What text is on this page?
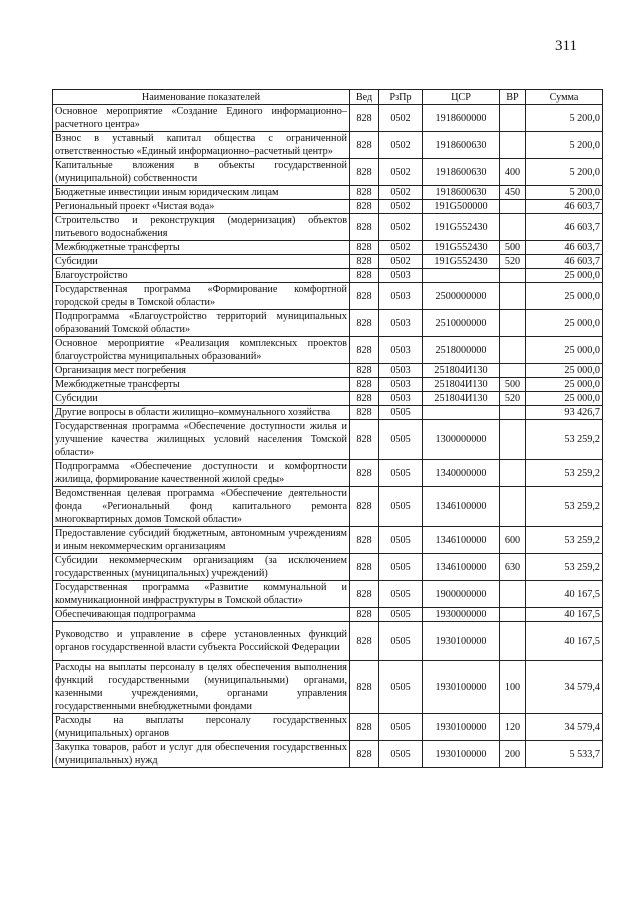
311
Наименование показателей	Вед	РзПр	ЦСР	ВР	Сумма
Основное мероприятие «Создание Единого информационно–расчетного центра»	828	0502	1918600000		5 200,0
Взнос в уставный капитал общества с ограниченной ответственностью «Единый информационно–расчетный центр»	828	0502	1918600630		5 200,0
Капитальные вложения в объекты государственной (муниципальной) собственности	828	0502	1918600630	400	5 200,0
Бюджетные инвестиции иным юридическим лицам	828	0502	1918600630	450	5 200,0
Региональный проект «Чистая вода»	828	0502	191G500000		46 603,7
Строительство и реконструкция (модернизация) объектов питьевого водоснабжения	828	0502	191G552430		46 603,7
Межбюджетные трансферты	828	0502	191G552430	500	46 603,7
Субсидии	828	0502	191G552430	520	46 603,7
Благоустройство	828	0503			25 000,0
Государственная программа «Формирование комфортной городской среды в Томской области»	828	0503	2500000000		25 000,0
Подпрограмма «Благоустройство территорий муниципальных образований Томской области»	828	0503	2510000000		25 000,0
Основное мероприятие «Реализация комплексных проектов благоустройства муниципальных образований»	828	0503	2518000000		25 000,0
Организация мест погребения	828	0503	251804И130		25 000,0
Межбюджетные трансферты	828	0503	251804И130	500	25 000,0
Субсидии	828	0503	251804И130	520	25 000,0
Другие вопросы в области жилищно–коммунального хозяйства	828	0505			93 426,7
Государственная программа «Обеспечение доступности жилья и улучшение качества жилищных условий населения Томской области»	828	0505	1300000000		53 259,2
Подпрограмма «Обеспечение доступности и комфортности жилища, формирование качественной жилой среды»	828	0505	1340000000		53 259,2
Ведомственная целевая программа «Обеспечение деятельности фонда «Региональный фонд капитального ремонта многоквартирных домов Томской области»	828	0505	1346100000		53 259,2
Предоставление субсидий бюджетным, автономным учреждениям и иным некоммерческим организациям	828	0505	1346100000	600	53 259,2
Субсидии некоммерческим организациям (за исключением государственных (муниципальных) учреждений)	828	0505	1346100000	630	53 259,2
Государственная программа «Развитие коммунальной и коммуникационной инфраструктуры в Томской области»	828	0505	1900000000		40 167,5
Обеспечивающая подпрограмма	828	0505	1930000000		40 167,5
Руководство и управление в сфере установленных функций органов государственной власти субъекта Российской Федерации	828	0505	1930100000		40 167,5
Расходы на выплаты персоналу в целях обеспечения выполнения функций государственными (муниципальными) органами, казенными учреждениями, органами управления государственными внебюджетными фондами	828	0505	1930100000	100	34 579,4
Расходы на выплаты персоналу государственных (муниципальных) органов	828	0505	1930100000	120	34 579,4
Закупка товаров, работ и услуг для обеспечения государственных (муниципальных) нужд	828	0505	1930100000	200	5 533,7
